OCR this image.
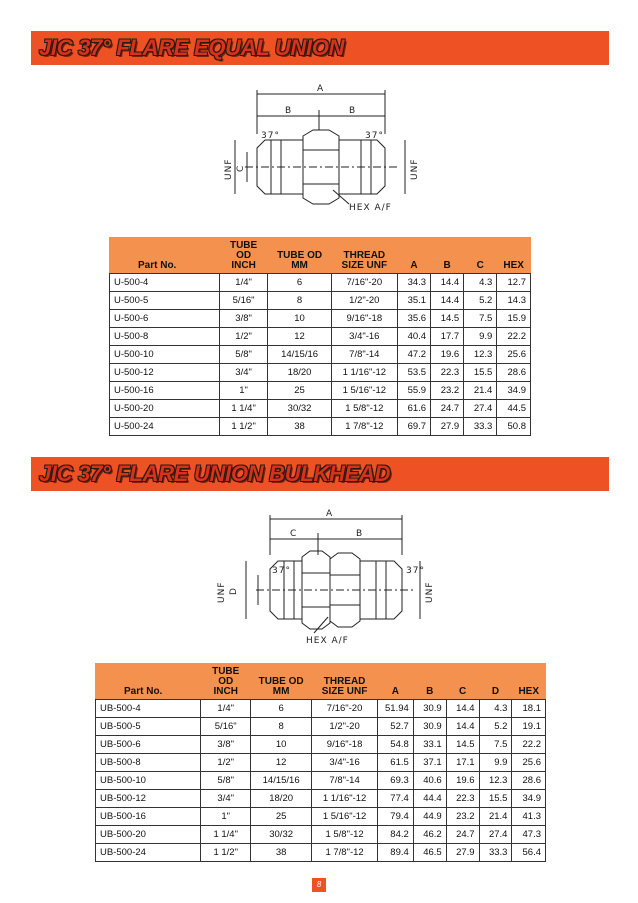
JIC 37° FLARE EQUAL UNION
A
B	B
37°	37°
HEX A/F
UNF C	UNF
Part No.	TUBE OD INCH	TUBE OD MM	THREAD SIZE UNF	A	B	C	HEX
U-500-4	1/4"	6	7/16"-20	34.3	14.4	4.3	12.7
U-500-5	5/16"	8	1/2"-20	35.1	14.4	5.2	14.3
U-500-6	3/8"	10	9/16"-18	35.6	14.5	7.5	15.9
U-500-8	1/2"	12	3/4"-16	40.4	17.7	9.9	22.2
U-500-10	5/8"	14/15/16	7/8"-14	47.2	19.6	12.3	25.6
U-500-12	3/4"	18/20	1 1/16"-12	53.5	22.3	15.5	28.6
U-500-16	1"	25	1 5/16"-12	55.9	23.2	21.4	34.9
U-500-20	1 1/4"	30/32	1 5/8"-12	61.6	24.7	27.4	44.5
U-500-24	1 1/2"	38	1 7/8"-12	69.7	27.9	33.3	50.8
JIC 37° FLARE UNION BULKHEAD
A
C	B
37°	37°
HEX A/F
UNF D	UNF
Part No.	TUBE OD INCH	TUBE OD MM	THREAD SIZE UNF	A	B	C	D	HEX
UB-500-4	1/4"	6	7/16"-20	51.94	30.9	14.4	4.3	18.1
UB-500-5	5/16"	8	1/2"-20	52.7	30.9	14.4	5.2	19.1
UB-500-6	3/8"	10	9/16"-18	54.8	33.1	14.5	7.5	22.2
UB-500-8	1/2"	12	3/4"-16	61.5	37.1	17.1	9.9	25.6
UB-500-10	5/8"	14/15/16	7/8"-14	69.3	40.6	19.6	12.3	28.6
UB-500-12	3/4"	18/20	1 1/16"-12	77.4	44.4	22.3	15.5	34.9
UB-500-16	1"	25	1 5/16"-12	79.4	44.9	23.2	21.4	41.3
UB-500-20	1 1/4"	30/32	1 5/8"-12	84.2	46.2	24.7	27.4	47.3
UB-500-24	1 1/2"	38	1 7/8"-12	89.4	46.5	27.9	33.3	56.4
8
